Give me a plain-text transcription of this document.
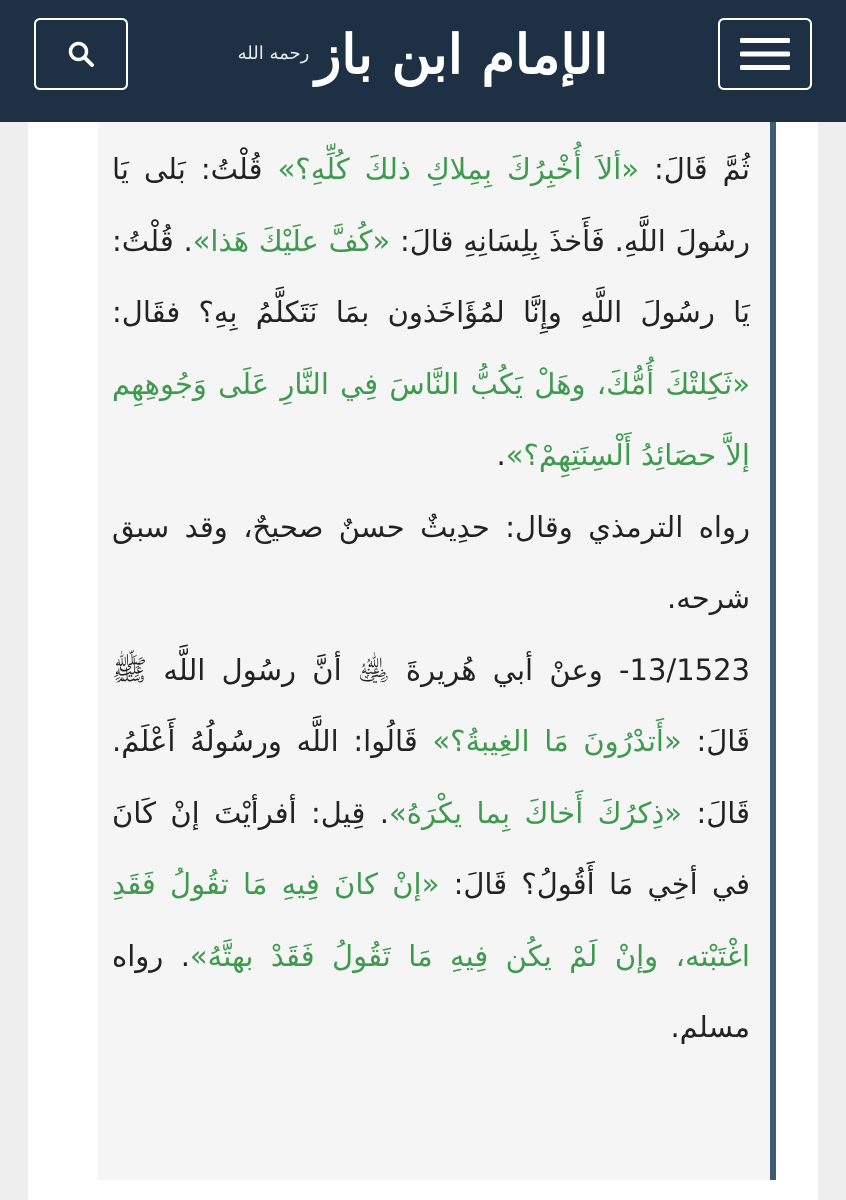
الإمام ابن باز$^{رحمه الله}$

ثُمَّ قَالَ: «ألاَ أُخْبِرُكَ بِمِلاكِ ذلكَ كُلِّهِ؟» قُلْتُ: بَلى يَا رسُولَ اللَّهِ. فَأَخذَ بِلِسَانِهِ قالَ: «كُفَّ علَيْكَ هَذا». قُلْتُ: يَا رسُولَ اللَّهِ وإِنَّا لمُؤَاخَذون بمَا نَتَكلَّمُ بِهِ؟ فقَال: «ثَكِلتْكَ أُمُّكَ، وهَلْ يَكُبُّ النَّاسَ فِي النَّارِ عَلَى وَجُوهِهِم إلاَّ حصَائِدُ أَلْسِنَتِهِمْ؟».

رواه الترمذي وقال: حدِيثٌ حسنٌ صحيحٌ، وقد سبق شرحه.

13/1523- وعنْ أبي هُريرةَ ﵁ أنَّ رسُول اللَّه ﷺ قَالَ: «أَتدْرُونَ مَا الغِيبةُ؟» قَالُوا: اللَّه ورسُولُهُ أَعْلَمُ. قَالَ: «ذِكرُكَ أَخاكَ بِما يكْرَهُ». قِيل: أفرأيْتَ إنْ كَانَ في أخِي مَا أَقُولُ؟ قَالَ: «إنْ كانَ فِيهِ مَا تقُولُ فَقَدِ اغْتَبْته، وإنْ لَمْ يكُن فِيهِ مَا تَقُولُ فَقَدْ بهتَّهُ». رواه مسلم.
